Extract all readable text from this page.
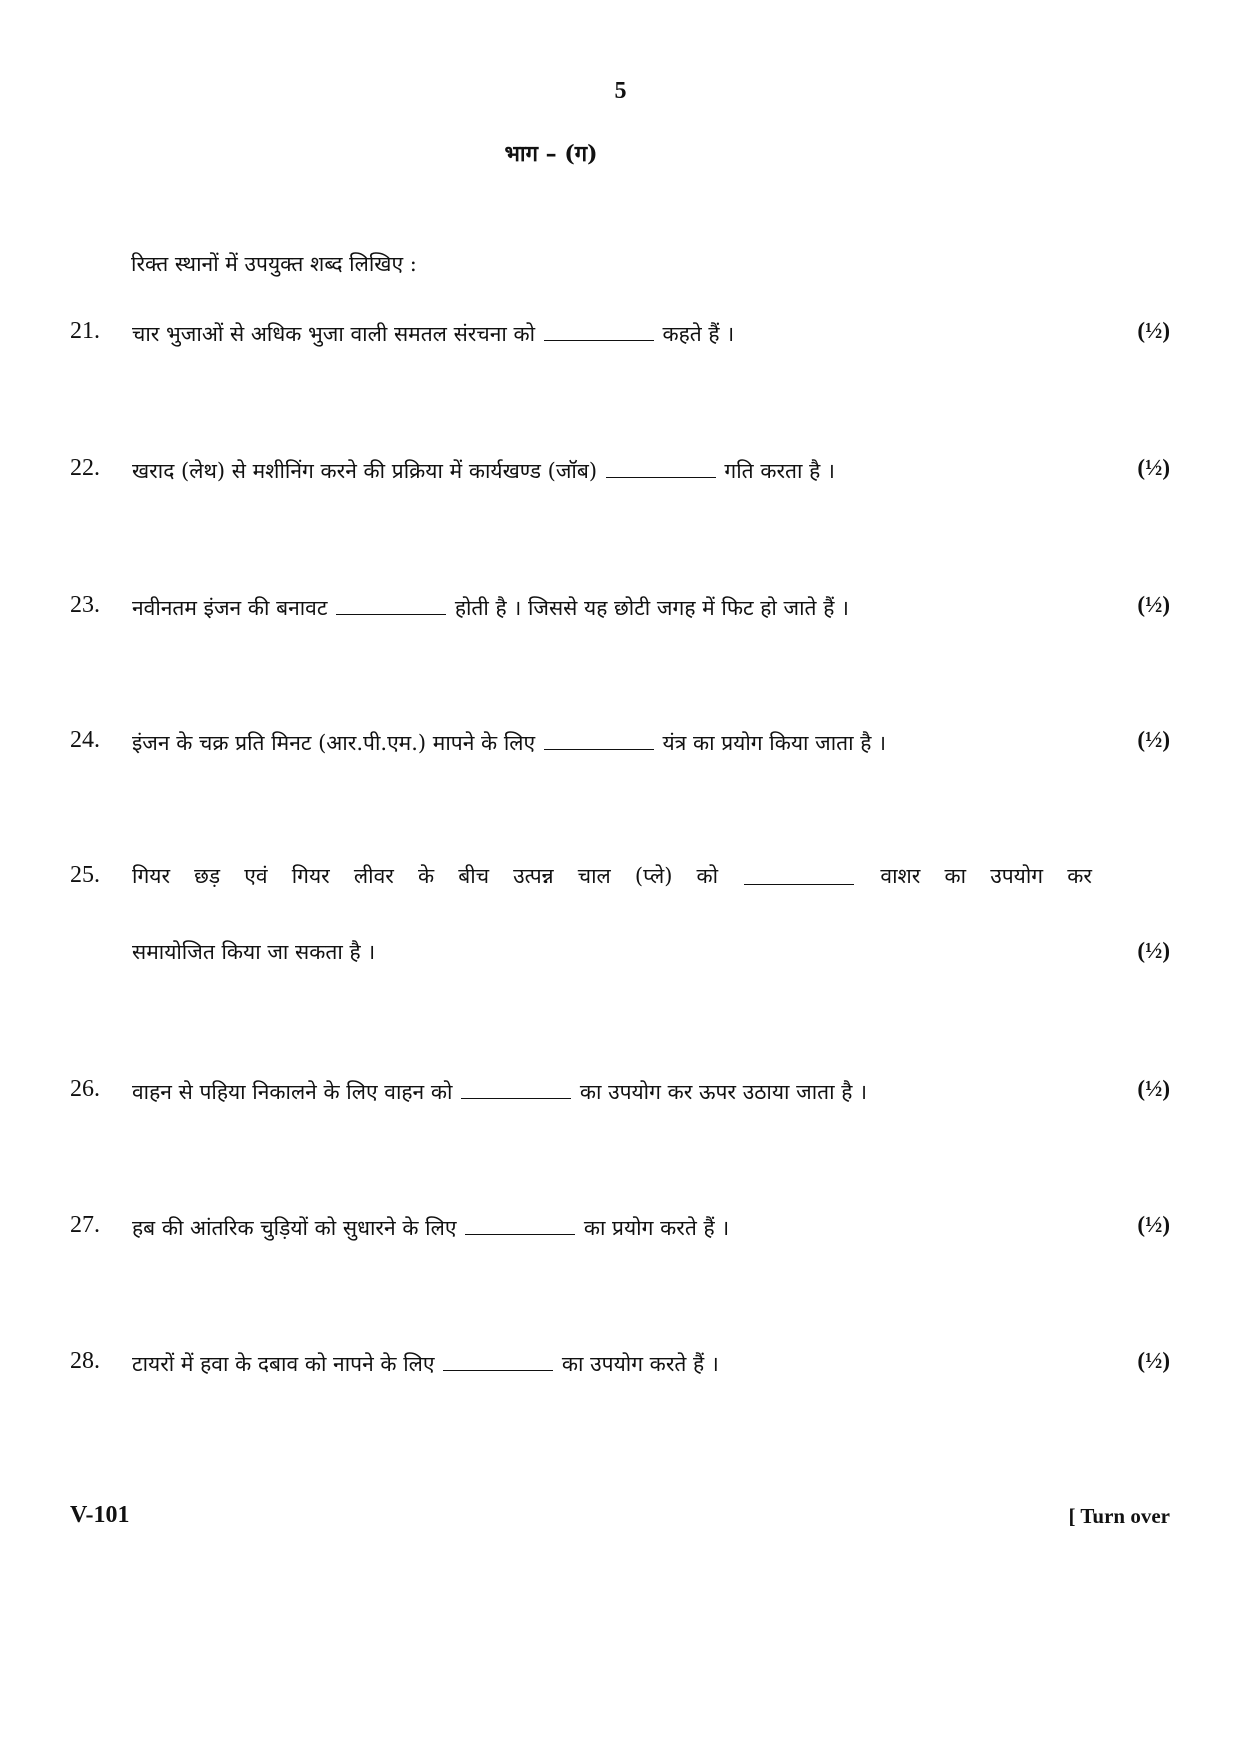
5
भाग – (ग)
रिक्त स्थानों में उपयुक्त शब्द लिखिए :
21. चार भुजाओं से अधिक भुजा वाली समतल संरचना को	कहते हैं ।	(½)
22. खराद (लेथ) से मशीनिंग करने की प्रक्रिया में कार्यखण्ड (जॉब)	गति करता है ।	(½)
23. नवीनतम इंजन की बनावट	होती है । जिससे यह छोटी जगह में फिट हो जाते हैं ।	(½)
24. इंजन के चक्र प्रति मिनट (आर.पी.एम.) मापने के लिए	यंत्र का प्रयोग किया जाता है ।	(½)
25. गियर छड़ एवं गियर लीवर के बीच उत्पन्न चाल (प्ले) को	वाशर का उपयोग कर
समायोजित किया जा सकता है ।	(½)
26. वाहन से पहिया निकालने के लिए वाहन को	का उपयोग कर ऊपर उठाया जाता है ।	(½)
27. हब की आंतरिक चुड़ियों को सुधारने के लिए	का प्रयोग करते हैं ।	(½)
28. टायरों में हवा के दबाव को नापने के लिए	का उपयोग करते हैं ।	(½)
V-101	[ Turn over
